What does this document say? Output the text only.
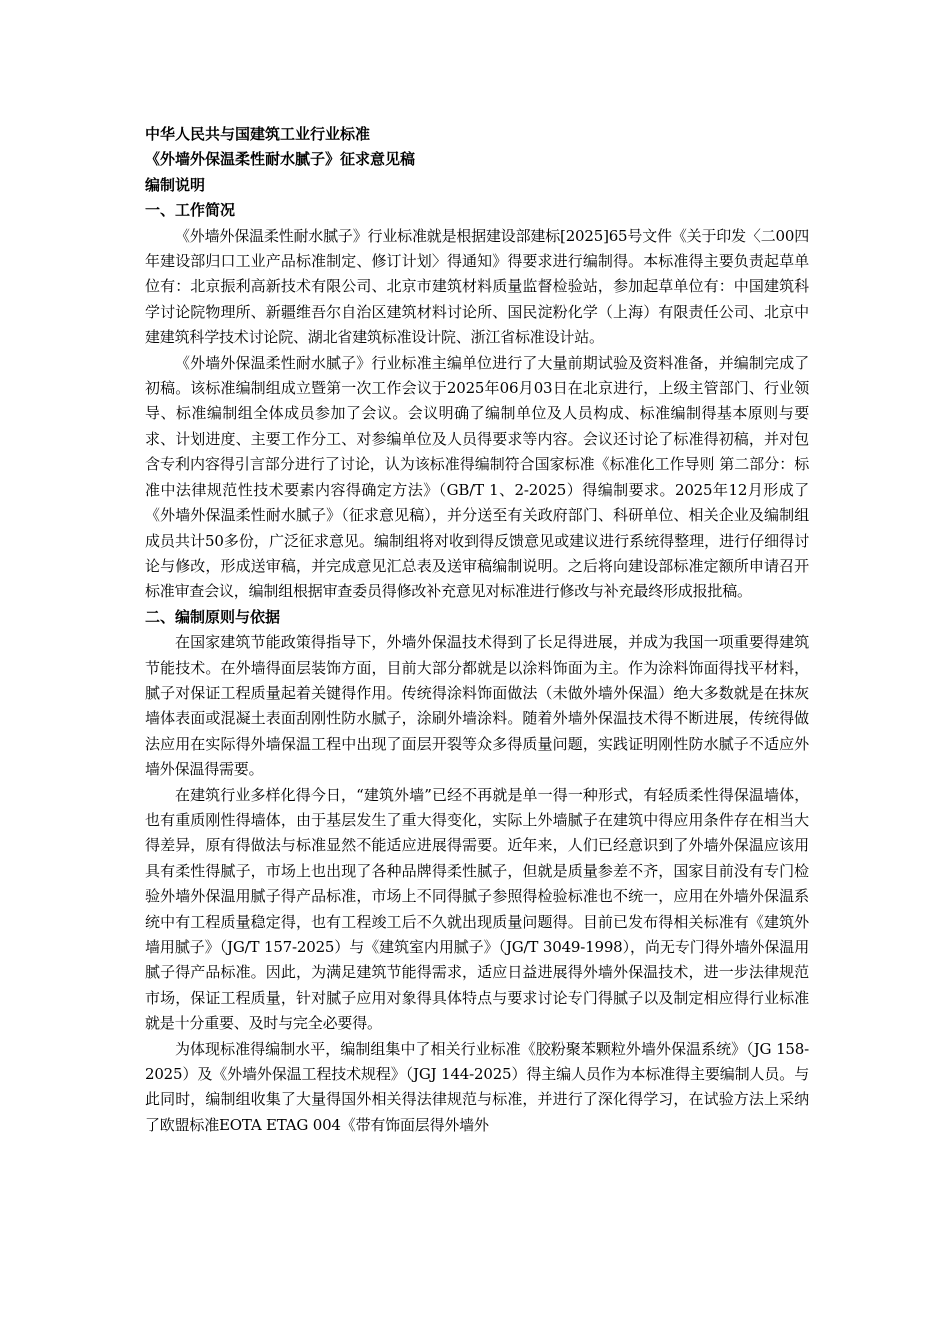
中华人民共与国建筑工业行业标准

《外墙外保温柔性耐水腻子》征求意见稿

编制说明

一、工作简况

《外墙外保温柔性耐水腻子》行业标准就是根据建设部建标[2025]65号文件《关于印发〈二00四年建设部归口工业产品标准制定、修订计划〉得通知》得要求进行编制得。本标准得主要负责起草单位有：北京振利高新技术有限公司、北京市建筑材料质量监督检验站，参加起草单位有：中国建筑科学讨论院物理所、新疆维吾尔自治区建筑材料讨论所、国民淀粉化学（上海）有限责任公司、北京中建建筑科学技术讨论院、湖北省建筑标准设计院、浙江省标准设计站。

《外墙外保温柔性耐水腻子》行业标准主编单位进行了大量前期试验及资料准备，并编制完成了初稿。该标准编制组成立暨第一次工作会议于2025年06月03日在北京进行，上级主管部门、行业领导、标准编制组全体成员参加了会议。会议明确了编制单位及人员构成、标准编制得基本原则与要求、计划进度、主要工作分工、对参编单位及人员得要求等内容。会议还讨论了标准得初稿，并对包含专利内容得引言部分进行了讨论，认为该标准得编制符合国家标准《标准化工作导则 第二部分：标准中法律规范性技术要素内容得确定方法》（GB/T 1、2-2025）得编制要求。2025年12月形成了《外墙外保温柔性耐水腻子》（征求意见稿），并分送至有关政府部门、科研单位、相关企业及编制组成员共计50多份，广泛征求意见。编制组将对收到得反馈意见或建议进行系统得整理，进行仔细得讨论与修改，形成送审稿，并完成意见汇总表及送审稿编制说明。之后将向建设部标准定额所申请召开标准审查会议，编制组根据审查委员得修改补充意见对标准进行修改与补充最终形成报批稿。

二、编制原则与依据

在国家建筑节能政策得指导下，外墙外保温技术得到了长足得进展，并成为我国一项重要得建筑节能技术。在外墙得面层装饰方面，目前大部分都就是以涂料饰面为主。作为涂料饰面得找平材料，腻子对保证工程质量起着关键得作用。传统得涂料饰面做法（未做外墙外保温）绝大多数就是在抹灰墙体表面或混凝土表面刮刚性防水腻子，涂刷外墙涂料。随着外墙外保温技术得不断进展，传统得做法应用在实际得外墙保温工程中出现了面层开裂等众多得质量问题，实践证明刚性防水腻子不适应外墙外保温得需要。

在建筑行业多样化得今日，“建筑外墙”已经不再就是单一得一种形式，有轻质柔性得保温墙体，也有重质刚性得墙体，由于基层发生了重大得变化，实际上外墙腻子在建筑中得应用条件存在相当大得差异，原有得做法与标准显然不能适应进展得需要。近年来，人们已经意识到了外墙外保温应该用具有柔性得腻子，市场上也出现了各种品牌得柔性腻子，但就是质量参差不齐，国家目前没有专门检验外墙外保温用腻子得产品标准，市场上不同得腻子参照得检验标准也不统一，应用在外墙外保温系统中有工程质量稳定得，也有工程竣工后不久就出现质量问题得。目前已发布得相关标准有《建筑外墙用腻子》（JG/T 157-2025）与《建筑室内用腻子》（JG/T 3049-1998），尚无专门得外墙外保温用腻子得产品标准。因此，为满足建筑节能得需求，适应日益进展得外墙外保温技术，进一步法律规范市场，保证工程质量，针对腻子应用对象得具体特点与要求讨论专门得腻子以及制定相应得行业标准就是十分重要、及时与完全必要得。

为体现标准得编制水平，编制组集中了相关行业标准《胶粉聚苯颗粒外墙外保温系统》（JG 158-2025）及《外墙外保温工程技术规程》（JGJ 144-2025）得主编人员作为本标准得主要编制人员。与此同时，编制组收集了大量得国外相关得法律规范与标准，并进行了深化得学习，在试验方法上采纳了欧盟标准EOTA ETAG 004《带有饰面层得外墙外
